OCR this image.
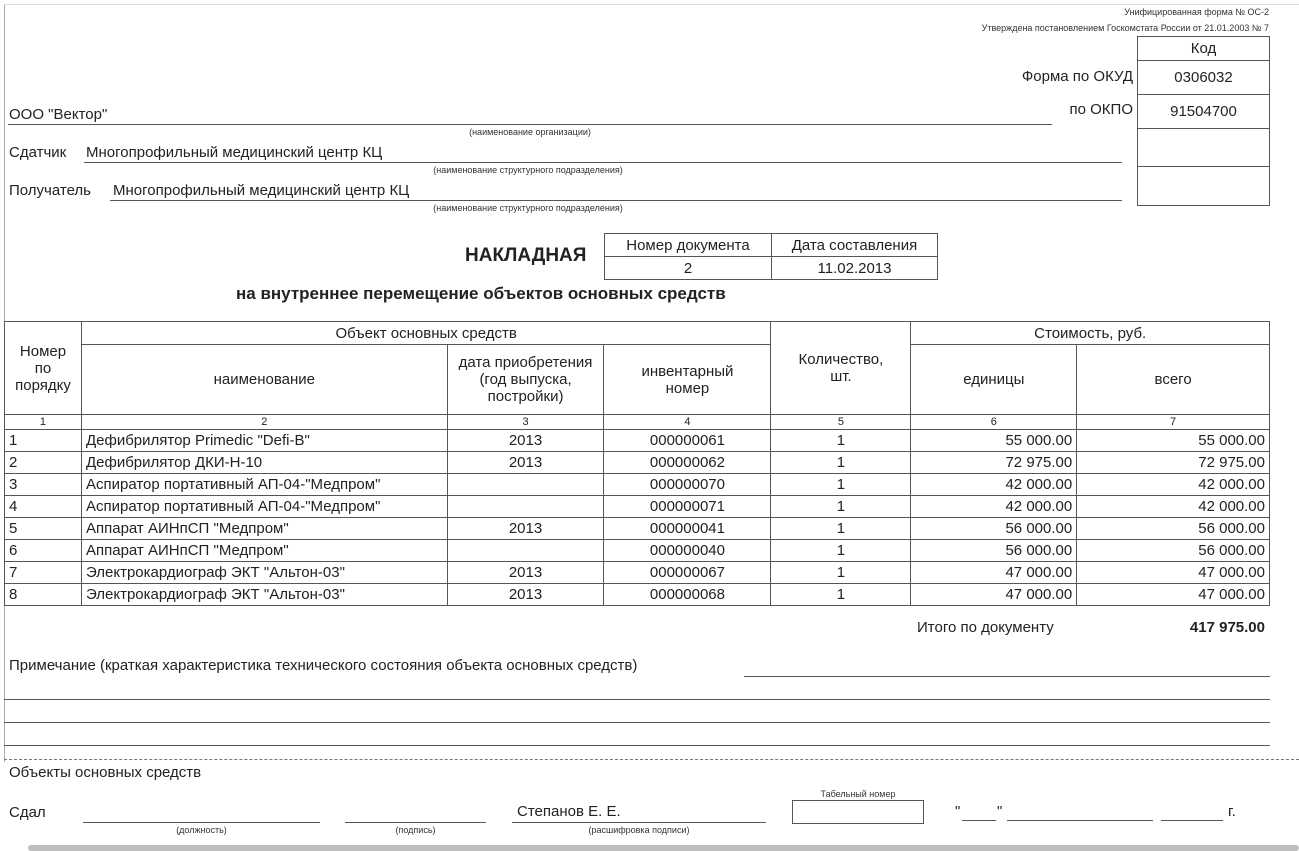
Унифицированная форма № ОС-2
Утверждена постановлением Госкомстата России от 21.01.2003 № 7
Код
0306032
91504700

Форма по ОКУД
по ОКПО
ООО "Вектор"
(наименование организации)
Сдатчик Многопрофильный медицинский центр КЦ
(наименование структурного подразделения)
Получатель Многопрофильный медицинский центр КЦ
(наименование структурного подразделения)
НАКЛАДНАЯ
на внутреннее перемещение объектов основных средств
Номер документа	Дата составления
2	11.02.2013
Номер по порядку	Объект основных средств			Количество, шт.	Стоимость, руб.	
	наименование	дата приобретения (год выпуска, постройки)	инвентарный номер		единицы	всего
1	2	3	4	5	6	7
1	Дефибрилятор Primedic "Defi-B"	2013	000000061	1	55 000.00	55 000.00
2	Дефибрилятор ДКИ-Н-10	2013	000000062	1	72 975.00	72 975.00
3	Аспиратор портативный АП-04-"Медпром"		000000070	1	42 000.00	42 000.00
4	Аспиратор портативный АП-04-"Медпром"		000000071	1	42 000.00	42 000.00
5	Аппарат АИНпСП "Медпром"	2013	000000041	1	56 000.00	56 000.00
6	Аппарат АИНпСП "Медпром"		000000040	1	56 000.00	56 000.00
7	Электрокардиограф ЭКТ "Альтон-03"	2013	000000067	1	47 000.00	47 000.00
8	Электрокардиограф ЭКТ "Альтон-03"	2013	000000068	1	47 000.00	47 000.00
Итого по документу	417 975.00
Примечание (краткая характеристика технического состояния объекта основных средств)
Объекты основных средств
Сдал
(должность)	(подпись)
Степанов Е. Е.
(расшифровка подписи)
Табельный номер
" "	г.
